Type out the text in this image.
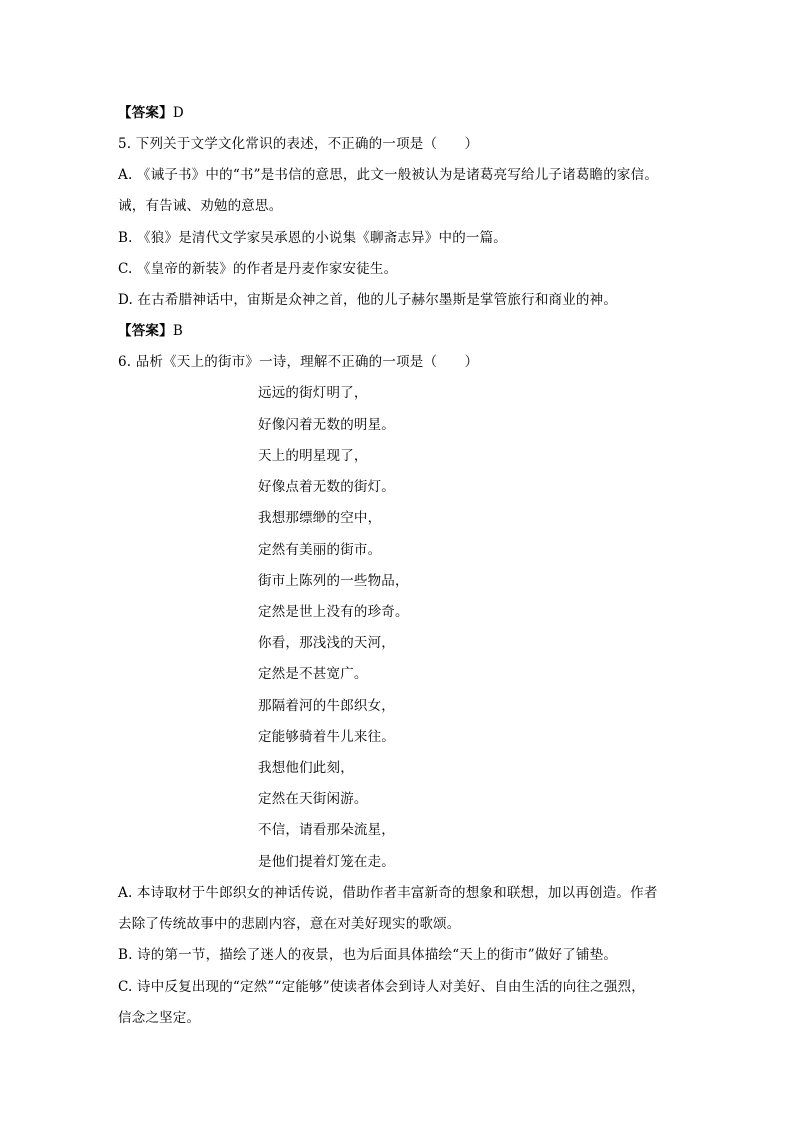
【答案】D
5. 下列关于文学文化常识的表述，不正确的一项是（　　）
A. 《诫子书》中的“书”是书信的意思，此文一般被认为是诸葛亮写给儿子诸葛瞻的家信。
诫，有告诫、劝勉的意思。
B. 《狼》是清代文学家吴承恩的小说集《聊斋志异》中的一篇。
C. 《皇帝的新装》的作者是丹麦作家安徒生。
D. 在古希腊神话中，宙斯是众神之首，他的儿子赫尔墨斯是掌管旅行和商业的神。
【答案】B
6. 品析《天上的街市》一诗，理解不正确的一项是（　　）
远远的街灯明了，
好像闪着无数的明星。
天上的明星现了，
好像点着无数的街灯。
我想那缥缈的空中，
定然有美丽的街市。
街市上陈列的一些物品，
定然是世上没有的珍奇。
你看，那浅浅的天河，
定然是不甚宽广。
那隔着河的牛郎织女，
定能够骑着牛儿来往。
我想他们此刻，
定然在天街闲游。
不信，请看那朵流星，
是他们提着灯笼在走。
A. 本诗取材于牛郎织女的神话传说，借助作者丰富新奇的想象和联想，加以再创造。作者
去除了传统故事中的悲剧内容，意在对美好现实的歌颂。
B. 诗的第一节，描绘了迷人的夜景，也为后面具体描绘“天上的街市”做好了铺垫。
C. 诗中反复出现的“定然”“定能够”使读者体会到诗人对美好、自由生活的向往之强烈，
信念之坚定。
